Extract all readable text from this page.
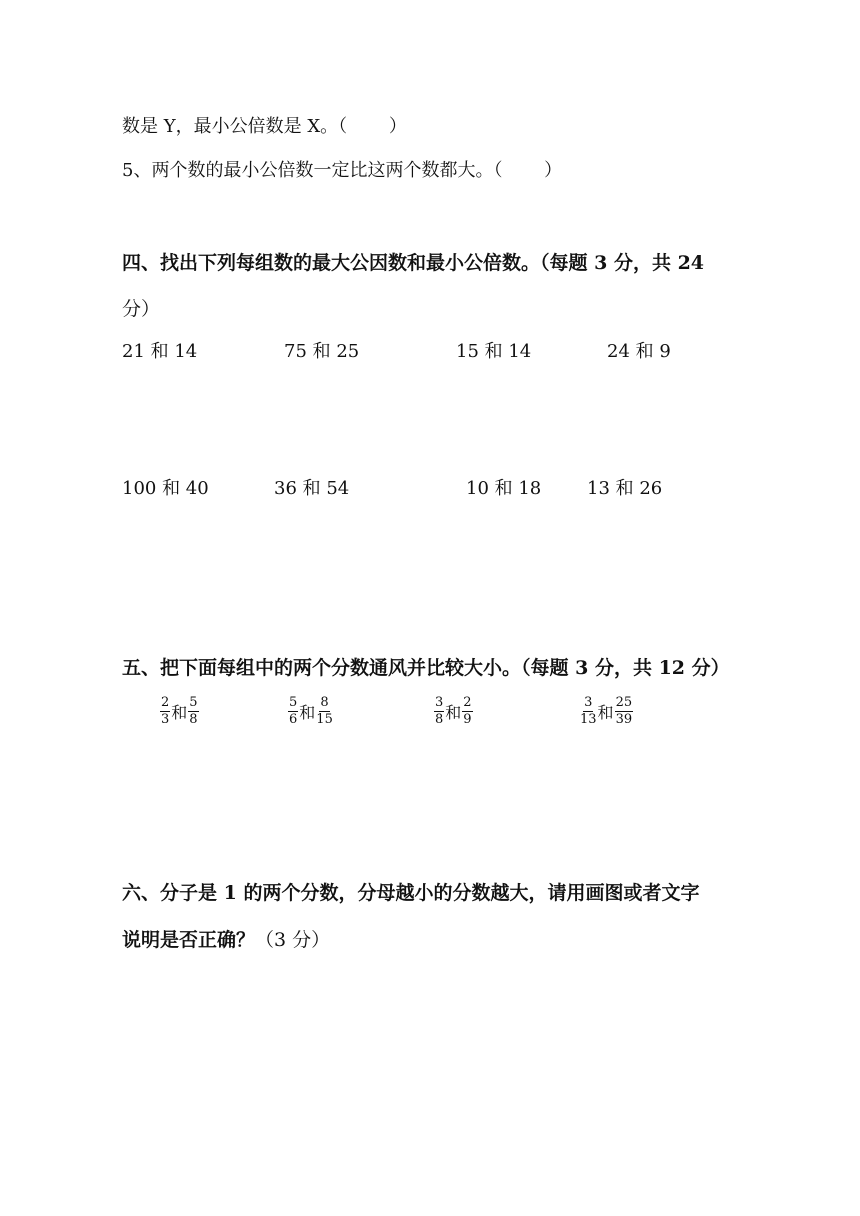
数是 Y，最小公倍数是 X。（　　 ）
5、两个数的最小公倍数一定比这两个数都大。（　　 ）
四、找出下列每组数的最大公因数和最小公倍数。（每题 3 分，共 24
分）
21 和 14	75 和 25	15 和 14	24 和 9
100 和 40	36 和 54	10 和 18	13 和 26
五、把下面每组中的两个分数通风并比较大小。（每题 3 分，共 12 分）
$\frac{2}{3}$ 和 $\frac{5}{8}$	$\frac{5}{6}$ 和 $\frac{8}{15}$	$\frac{3}{8}$ 和 $\frac{2}{9}$	$\frac{3}{13}$ 和 $\frac{25}{39}$
六、分子是 1 的两个分数，分母越小的分数越大，请用画图或者文字
说明是否正确？（3 分）
